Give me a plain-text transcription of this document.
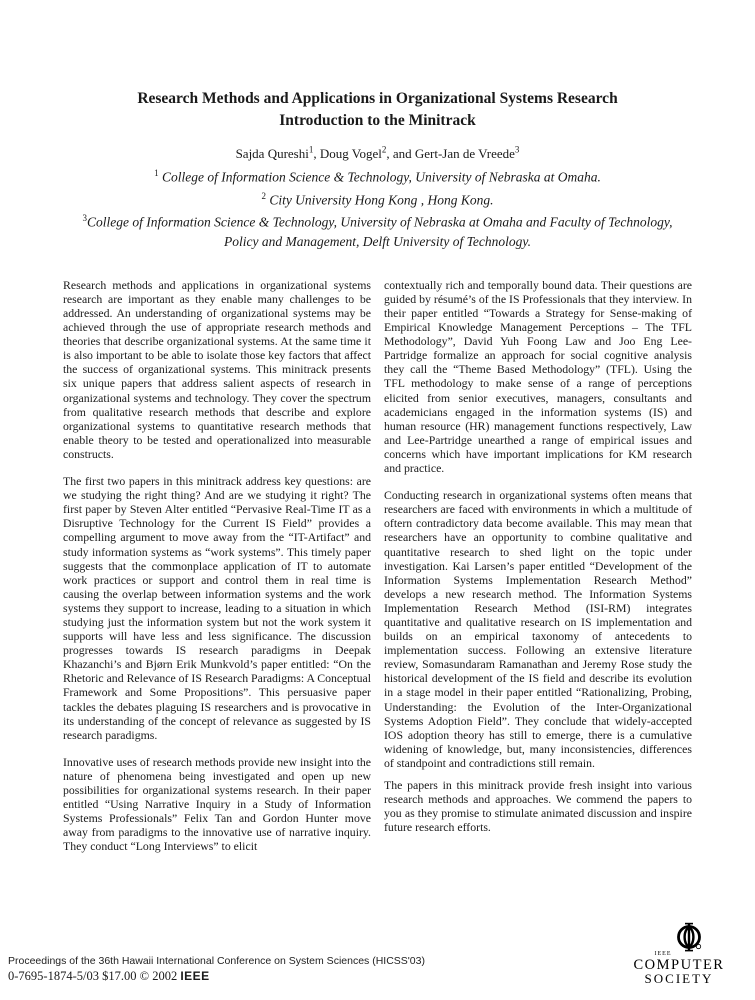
Research Methods and Applications in Organizational Systems Research
Introduction to the Minitrack
Sajda Qureshi$^1$, Doug Vogel$^2$, and Gert-Jan de Vreede$^3$
$^1$ College of Information Science & Technology, University of Nebraska at Omaha.
$^2$ City University Hong Kong , Hong Kong.
$^3$College of Information Science & Technology, University of Nebraska at Omaha and Faculty of Technology, Policy and Management, Delft University of Technology.

Research methods and applications in organizational systems research are important as they enable many challenges to be addressed. An understanding of organizational systems may be achieved through the use of appropriate research methods and theories that describe organizational systems. At the same time it is also important to be able to isolate those key factors that affect the success of organizational systems. This minitrack presents six unique papers that address salient aspects of research in organizational systems and technology. They cover the spectrum from qualitative research methods that describe and explore organizational systems to quantitative research methods that enable theory to be tested and operationalized into measurable constructs.

The first two papers in this minitrack address key questions: are we studying the right thing? And are we studying it right? The first paper by Steven Alter entitled “Pervasive Real-Time IT as a Disruptive Technology for the Current IS Field” provides a compelling argument to move away from the “IT-Artifact” and study information systems as “work systems”. This timely paper suggests that the commonplace application of IT to automate work practices or support and control them in real time is causing the overlap between information systems and the work systems they support to increase, leading to a situation in which studying just the information system but not the work system it supports will have less and less significance. The discussion progresses towards IS research paradigms in Deepak Khazanchi’s and Bjørn Erik Munkvold’s paper entitled: “On the Rhetoric and Relevance of IS Research Paradigms: A Conceptual Framework and Some Propositions”. This persuasive paper tackles the debates plaguing IS researchers and is provocative in its understanding of the concept of relevance as suggested by IS research paradigms.

Innovative uses of research methods provide new insight into the nature of phenomena being investigated and open up new possibilities for organizational systems research. In their paper entitled “Using Narrative Inquiry in a Study of Information Systems Professionals” Felix Tan and Gordon Hunter move away from paradigms to the innovative use of narrative inquiry. They conduct “Long Interviews” to elicit

contextually rich and temporally bound data. Their questions are guided by résumé’s of the IS Professionals that they interview. In their paper entitled “Towards a Strategy for Sense-making of Empirical Knowledge Management Perceptions – The TFL Methodology”, David Yuh Foong Law and Joo Eng Lee-Partridge formalize an approach for social cognitive analysis they call the “Theme Based Methodology” (TFL). Using the TFL methodology to make sense of a range of perceptions elicited from senior executives, managers, consultants and academicians engaged in the information systems (IS) and human resource (HR) management functions respectively, Law and Lee-Partridge unearthed a range of empirical issues and concerns which have important implications for KM research and practice.

Conducting research in organizational systems often means that researchers are faced with environments in which a multitude of oftern contradictory data become available. This may mean that researchers have an opportunity to combine qualitative and quantitative research to shed light on the topic under investigation. Kai Larsen’s paper entitled “Development of the Information Systems Implementation Research Method” develops a new research method. The Information Systems Implementation Research Method (ISI-RM) integrates quantitative and qualitative research on IS implementation and builds on an empirical taxonomy of antecedents to implementation success. Following an extensive literature review, Somasundaram Ramanathan and Jeremy Rose study the historical development of the IS field and describe its evolution in a stage model in their paper entitled “Rationalizing, Probing, Understanding: the Evolution of the Inter-Organizational Systems Adoption Field”. They conclude that widely-accepted IOS adoption theory has still to emerge, there is a cumulative widening of knowledge, but, many inconsistencies, differences of standpoint and contradictions still remain.

The papers in this minitrack provide fresh insight into various research methods and approaches. We commend the papers to you as they promise to stimulate animated discussion and inspire future research efforts.

Proceedings of the 36th Hawaii International Conference on System Sciences (HICSS'03)
0-7695-1874-5/03 $17.00 © 2002 IEEE
IEEE
COMPUTER
SOCIETY
